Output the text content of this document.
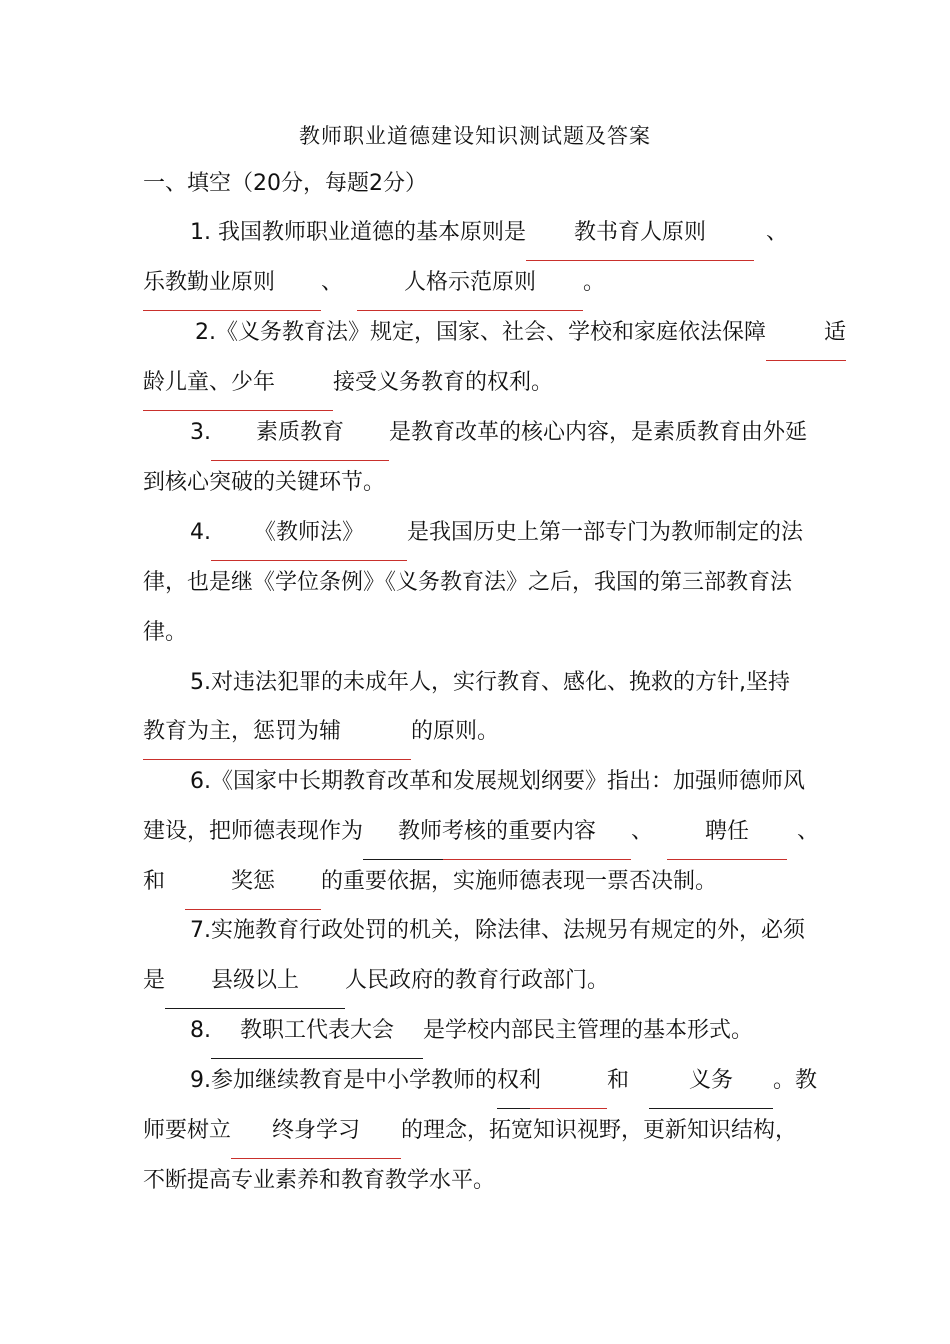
教师职业道德建设知识测试题及答案
一、填空（20分，每题2分）
1. 我国教师职业道德的基本原则是 教书育人原则	、
乐教勤业原则 、	人格示范原则 。
2.《义务教育法》规定，国家、社会、学校和家庭依法保障	适
龄儿童、少年	接受义务教育的权利。
3. 素质教育 是教育改革的核心内容，是素质教育由外延
到核心突破的关键环节。
4. 《教师法》 是我国历史上第一部专门为教师制定的法
律，也是继《学位条例》《义务教育法》之后，我国的第三部教育法
律。
5.对违法犯罪的未成年人，实行教育、感化、挽救的方针,坚持
教育为主，惩罚为辅	的原则。
6.《国家中长期教育改革和发展规划纲要》指出：加强师德师风
建设，把师德表现作为 教师考核的重要内容 、 聘任 、
和	奖惩 的重要依据，实施师德表现一票否决制。
7.实施教育行政处罚的机关，除法律、法规另有规定的外，必须
是 县级以上 人民政府的教育行政部门。
8. 教职工代表大会 是学校内部民主管理的基本形式。
9.参加继续教育是中小学教师的权利	和	义务 。教
师要树立 终身学习 的理念，拓宽知识视野，更新知识结构，
不断提高专业素养和教育教学水平。
